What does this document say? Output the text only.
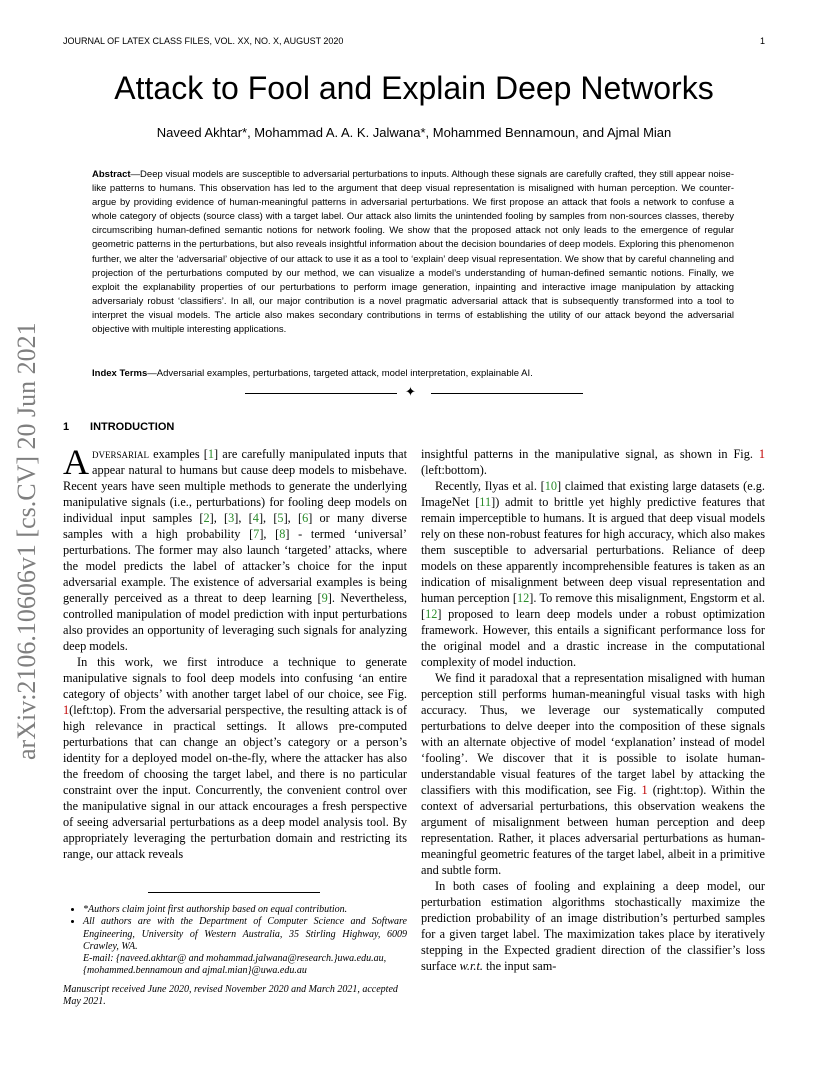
JOURNAL OF LATEX CLASS FILES, VOL. XX, NO. X, AUGUST 2020	1
Attack to Fool and Explain Deep Networks
Naveed Akhtar*, Mohammad A. A. K. Jalwana*, Mohammed Bennamoun, and Ajmal Mian
Abstract—Deep visual models are susceptible to adversarial perturbations to inputs. Although these signals are carefully crafted, they still appear noise-like patterns to humans. This observation has led to the argument that deep visual representation is misaligned with human perception. We counter-argue by providing evidence of human-meaningful patterns in adversarial perturbations. We first propose an attack that fools a network to confuse a whole category of objects (source class) with a target label. Our attack also limits the unintended fooling by samples from non-sources classes, thereby circumscribing human-defined semantic notions for network fooling. We show that the proposed attack not only leads to the emergence of regular geometric patterns in the perturbations, but also reveals insightful information about the decision boundaries of deep models. Exploring this phenomenon further, we alter the ‘adversarial’ objective of our attack to use it as a tool to ‘explain’ deep visual representation. We show that by careful channeling and projection of the perturbations computed by our method, we can visualize a model’s understanding of human-defined semantic notions. Finally, we exploit the explanability properties of our perturbations to perform image generation, inpainting and interactive image manipulation by attacking adversarialy robust ‘classifiers’. In all, our major contribution is a novel pragmatic adversarial attack that is subsequently transformed into a tool to interpret the visual models. The article also makes secondary contributions in terms of establishing the utility of our attack beyond the adversarial objective with multiple interesting applications.
Index Terms—Adversarial examples, perturbations, targeted attack, model interpretation, explainable AI.
✦
arXiv:2106.10606v1 [cs.CV] 20 Jun 2021	1 INTRODUCTION

Adversarial examples [1] are carefully manipulated inputs that appear natural to humans but cause deep models to misbehave. Recent years have seen multiple methods to generate the underlying manipulative signals (i.e., perturbations) for fooling deep models on individual input samples [2], [3], [4], [5], [6] or many diverse samples with a high probability [7], [8] - termed ‘universal’ perturbations. The former may also launch ‘targeted’ attacks, where the model predicts the label of attacker’s choice for the input adversarial example. The existence of adversarial examples is being generally perceived as a threat to deep learning [9]. Nevertheless, controlled manipulation of model prediction with input perturbations also provides an opportunity of leveraging such signals for analyzing deep models.

In this work, we first introduce a technique to generate manipulative signals to fool deep models into confusing ‘an entire category of objects’ with another target label of our choice, see Fig. 1(left:top). From the adversarial perspective, the resulting attack is of high relevance in practical settings. It allows pre-computed perturbations that can change an object’s category or a person’s identity for a deployed model on-the-fly, where the attacker has also the freedom of choosing the target label, and there is no particular constraint over the input. Concurrently, the convenient control over the manipulative signal in our attack encourages a fresh perspective of seeing adversarial perturbations as a deep model analysis tool. By appropriately leveraging the perturbation domain and restricting its range, our attack reveals

insightful patterns in the manipulative signal, as shown in Fig. 1 (left:bottom).

Recently, Ilyas et al. [10] claimed that existing large datasets (e.g. ImageNet [11]) admit to brittle yet highly predictive features that remain imperceptible to humans. It is argued that deep visual models rely on these non-robust features for high accuracy, which also makes them susceptible to adversarial perturbations. Reliance of deep models on these apparently incomprehensible features is taken as an indication of misalignment between deep visual representation and human perception [12]. To remove this misalignment, Engstorm et al. [12] proposed to learn deep models under a robust optimization framework. However, this entails a significant performance loss for the original model and a drastic increase in the computational complexity of model induction.

We find it paradoxal that a representation misaligned with human perception still performs human-meaningful visual tasks with high accuracy. Thus, we leverage our systematically computed perturbations to delve deeper into the composition of these signals with an alternate objective of model ‘explanation’ instead of model ‘fooling’. We discover that it is possible to isolate human-understandable visual features of the target label by attacking the classifiers with this modification, see Fig. 1 (right:top). Within the context of adversarial perturbations, this observation weakens the argument of misalignment between human perception and deep representation. Rather, it places adversarial perturbations as human-meaningful geometric features of the target label, albeit in a primitive and subtle form.

In both cases of fooling and explaining a deep model, our perturbation estimation algorithms stochastically maximize the prediction probability of an image distribution’s perturbed samples for a given target label. The maximization takes place by iteratively stepping in the Expected gradient direction of the classifier’s loss surface w.r.t. the input sam-

• *Authors claim joint first authorship based on equal contribution.
• All authors are with the Department of Computer Science and Software Engineering, University of Western Australia, 35 Stirling Highway, 6009 Crawley, WA.
E-mail: {naveed.akhtar@ and mohammad.jalwana@research.}uwa.edu.au,
{mohammed.bennamoun and ajmal.mian}@uwa.edu.au
Manuscript received June 2020, revised November 2020 and March 2021, accepted May 2021.
